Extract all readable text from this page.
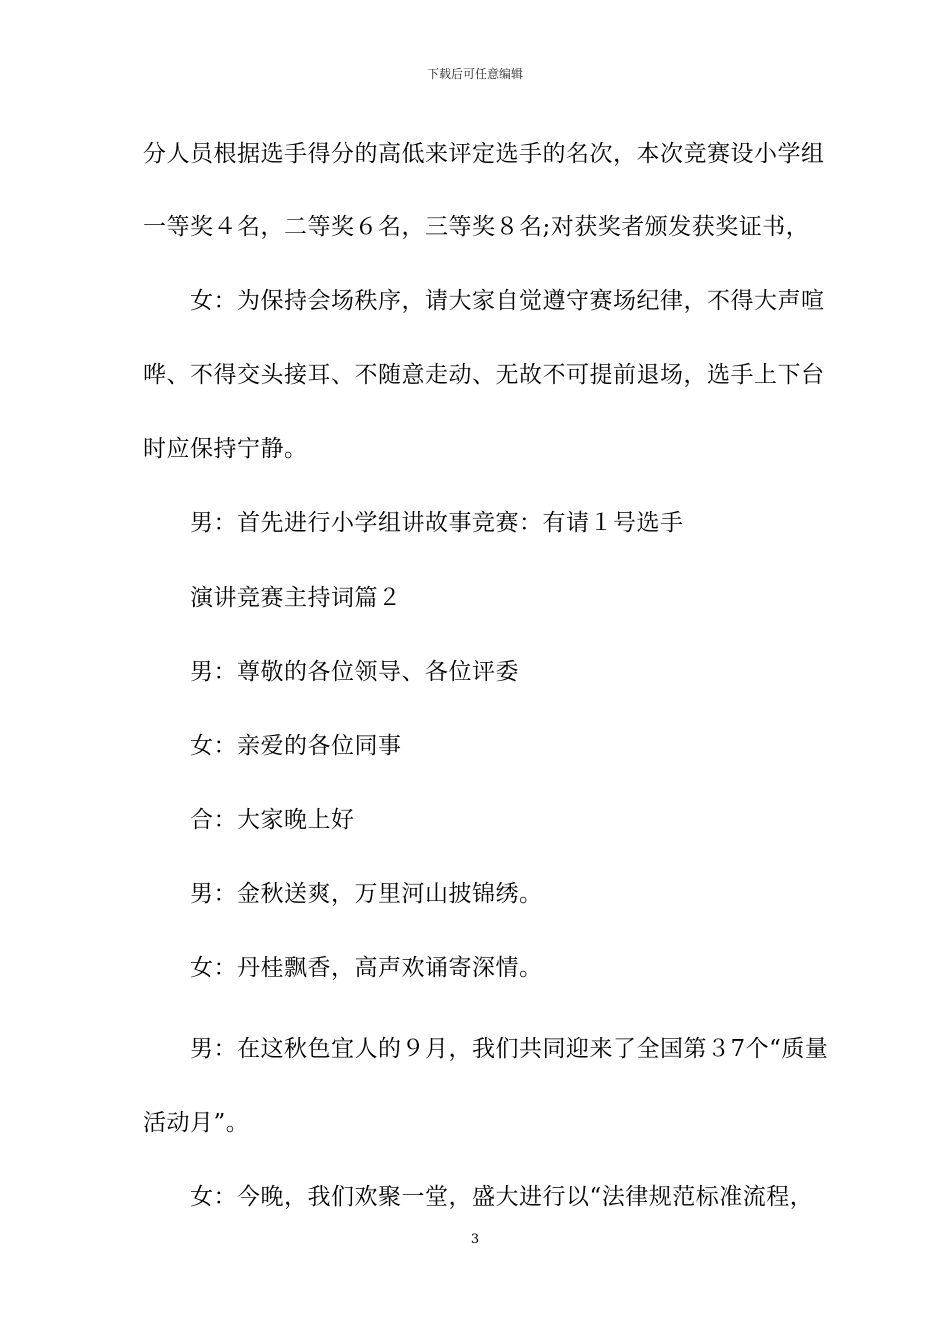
下载后可任意编辑
分人员根据选手得分的高低来评定选手的名次，本次竞赛设小学组
一等奖４名，二等奖６名，三等奖８名;对获奖者颁发获奖证书，
女：为保持会场秩序，请大家自觉遵守赛场纪律，不得大声喧
哗、不得交头接耳、不随意走动、无故不可提前退场，选手上下台
时应保持宁静。
男：首先进行小学组讲故事竞赛：有请１号选手
演讲竞赛主持词篇２
男：尊敬的各位领导、各位评委
女：亲爱的各位同事
合：大家晚上好
男：金秋送爽，万里河山披锦绣。
女：丹桂飘香，高声欢诵寄深情。
男：在这秋色宜人的９月，我们共同迎来了全国第３7个“质量
活动月”。
女：今晚，我们欢聚一堂，盛大进行以“法律规范标准流程，
3
